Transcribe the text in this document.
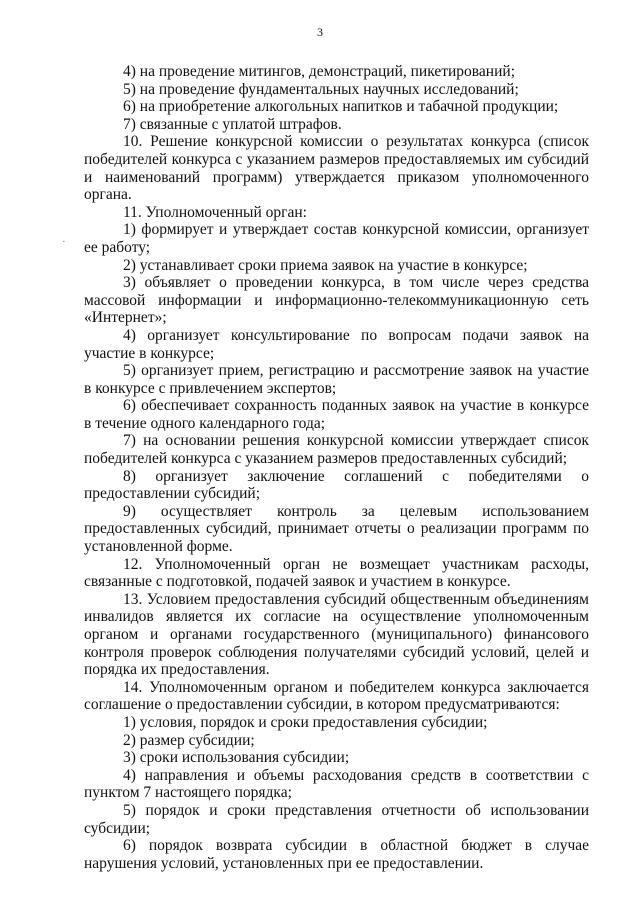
3
·

4) на проведение митингов, демонстраций, пикетирований;

5) на проведение фундаментальных научных исследований;

6) на приобретение алкогольных напитков и табачной продукции;

7) связанные с уплатой штрафов.

10. Решение конкурсной комиссии о результатах конкурса (список победителей конкурса с указанием размеров предоставляемых им субсидий и наименований программ) утверждается приказом уполномоченного органа.

11. Уполномоченный орган:

1) формирует и утверждает состав конкурсной комиссии, организует ее работу;

2) устанавливает сроки приема заявок на участие в конкурсе;

3) объявляет о проведении конкурса, в том числе через средства массовой информации и информационно-телекоммуникационную сеть «Интернет»;

4) организует консультирование по вопросам подачи заявок на участие в конкурсе;

5) организует прием, регистрацию и рассмотрение заявок на участие в конкурсе с привлечением экспертов;

6) обеспечивает сохранность поданных заявок на участие в конкурсе в течение одного календарного года;

7) на основании решения конкурсной комиссии утверждает список победителей конкурса с указанием размеров предоставленных субсидий;

8) организует заключение соглашений с победителями о предоставлении субсидий;

9) осуществляет контроль за целевым использованием предоставленных субсидий, принимает отчеты о реализации программ по установленной форме.

12. Уполномоченный орган не возмещает участникам расходы, связанные с подготовкой, подачей заявок и участием в конкурсе.

13. Условием предоставления субсидий общественным объединениям инвалидов является их согласие на осуществление уполномоченным органом и органами государственного (муниципального) финансового контроля проверок соблюдения получателями субсидий условий, целей и порядка их предоставления.

14. Уполномоченным органом и победителем конкурса заключается соглашение о предоставлении субсидии, в котором предусматриваются:

1) условия, порядок и сроки предоставления субсидии;

2) размер субсидии;

3) сроки использования субсидии;

4) направления и объемы расходования средств в соответствии с пунктом 7 настоящего порядка;

5) порядок и сроки представления отчетности об использовании субсидии;

6) порядок возврата субсидии в областной бюджет в случае нарушения условий, установленных при ее предоставлении.
